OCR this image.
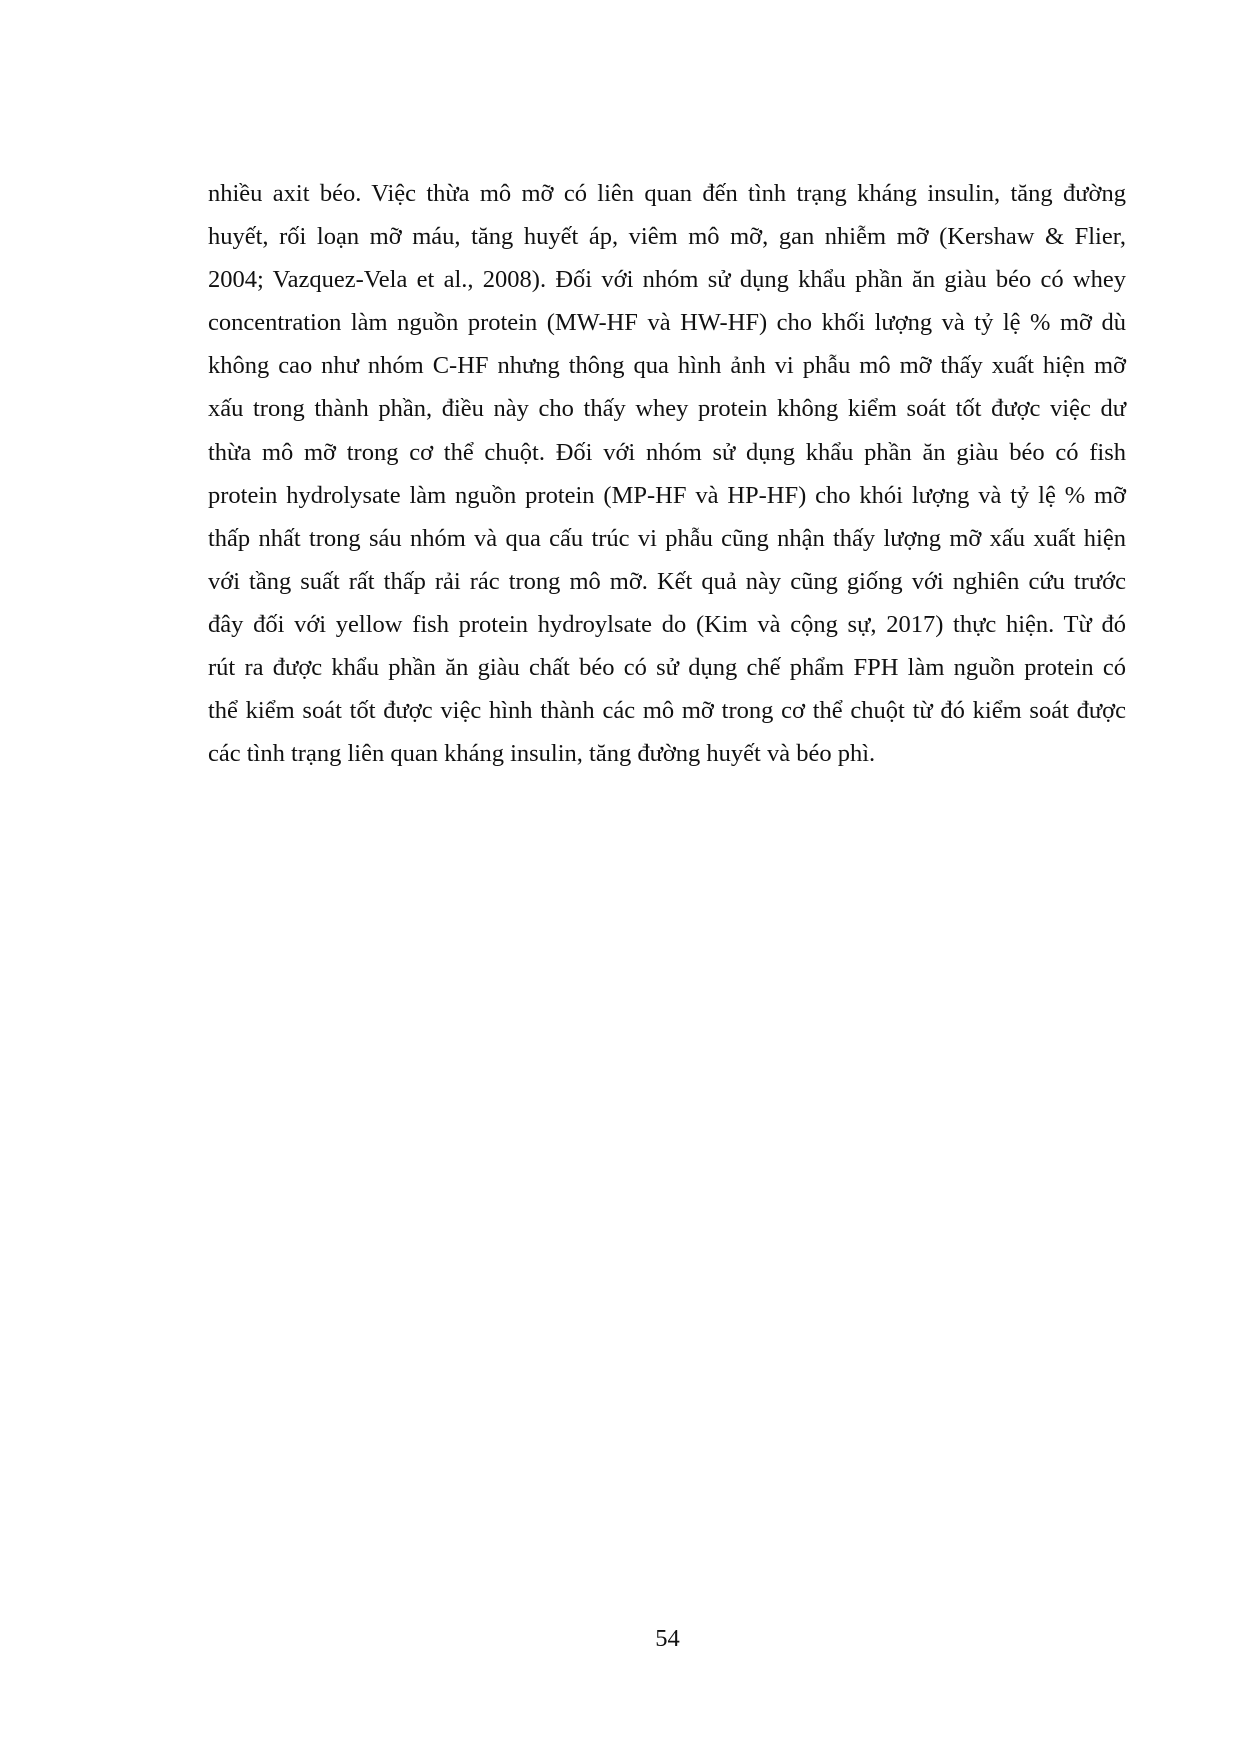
nhiều axit béo. Việc thừa mô mỡ có liên quan đến tình trạng kháng insulin, tăng đường
huyết, rối loạn mỡ máu, tăng huyết áp, viêm mô mỡ, gan nhiễm mỡ (Kershaw & Flier,
2004; Vazquez-Vela et al., 2008). Đối với nhóm sử dụng khẩu phần ăn giàu béo có whey
concentration làm nguồn protein (MW-HF và HW-HF) cho khối lượng và tỷ lệ % mỡ dù
không cao như nhóm C-HF nhưng thông qua hình ảnh vi phẫu mô mỡ thấy xuất hiện mỡ
xấu trong thành phần, điều này cho thấy whey protein không kiểm soát tốt được việc dư
thừa mô mỡ trong cơ thể chuột. Đối với nhóm sử dụng khẩu phần ăn giàu béo có fish
protein hydrolysate làm nguồn protein (MP-HF và HP-HF) cho khói lượng và tỷ lệ % mỡ
thấp nhất trong sáu nhóm và qua cấu trúc vi phẫu cũng nhận thấy lượng mỡ xấu xuất hiện
với tầng suất rất thấp rải rác trong mô mỡ. Kết quả này cũng giống với nghiên cứu trước
đây đối với yellow fish protein hydroylsate do (Kim và cộng sự, 2017) thực hiện. Từ đó
rút ra được khẩu phần ăn giàu chất béo có sử dụng chế phẩm FPH làm nguồn protein có
thể kiểm soát tốt được việc hình thành các mô mỡ trong cơ thể chuột từ đó kiểm soát được
các tình trạng liên quan kháng insulin, tăng đường huyết và béo phì.
54
